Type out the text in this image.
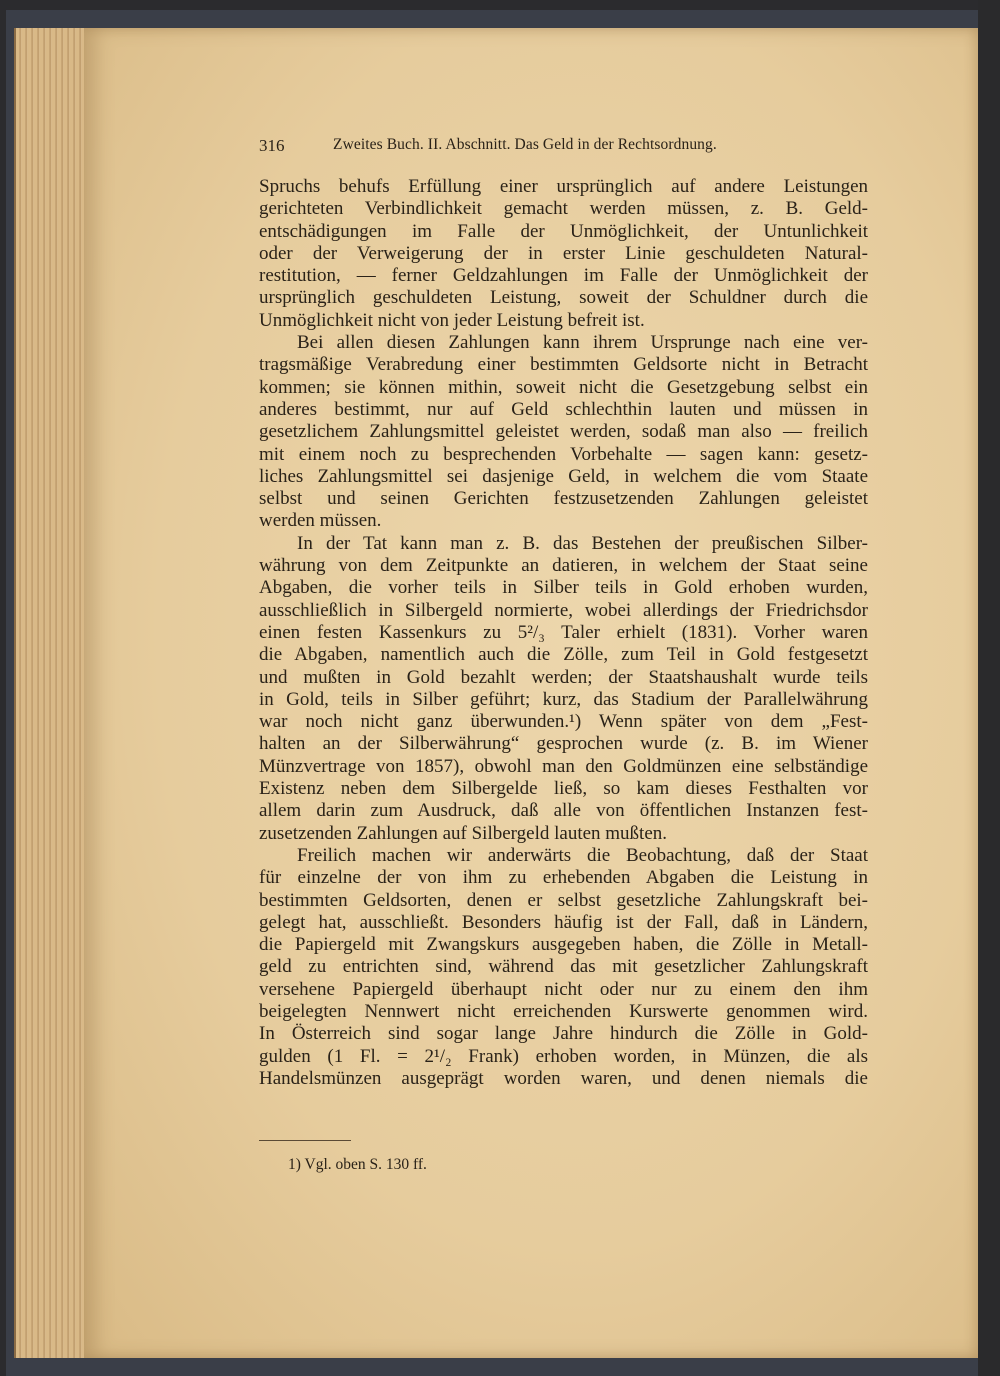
316	Zweites Buch. II. Abschnitt. Das Geld in der Rechtsordnung.
Spruchs behufs Erfüllung einer ursprünglich auf andere Leistungen
gerichteten Verbindlichkeit gemacht werden müssen, z. B. Geld-
entschädigungen im Falle der Unmöglichkeit, der Untunlichkeit
oder der Verweigerung der in erster Linie geschuldeten Natural-
restitution, — ferner Geldzahlungen im Falle der Unmöglichkeit der
ursprünglich geschuldeten Leistung, soweit der Schuldner durch die
Unmöglichkeit nicht von jeder Leistung befreit ist.
Bei allen diesen Zahlungen kann ihrem Ursprunge nach eine ver-
tragsmäßige Verabredung einer bestimmten Geldsorte nicht in Betracht
kommen; sie können mithin, soweit nicht die Gesetzgebung selbst ein
anderes bestimmt, nur auf Geld schlechthin lauten und müssen in
gesetzlichem Zahlungsmittel geleistet werden, sodaß man also — freilich
mit einem noch zu besprechenden Vorbehalte — sagen kann: gesetz-
liches Zahlungsmittel sei dasjenige Geld, in welchem die vom Staate
selbst und seinen Gerichten festzusetzenden Zahlungen geleistet
werden müssen.
In der Tat kann man z. B. das Bestehen der preußischen Silber-
währung von dem Zeitpunkte an datieren, in welchem der Staat seine
Abgaben, die vorher teils in Silber teils in Gold erhoben wurden,
ausschließlich in Silbergeld normierte, wobei allerdings der Friedrichsdor
einen festen Kassenkurs zu 5²/₃ Taler erhielt (1831). Vorher waren
die Abgaben, namentlich auch die Zölle, zum Teil in Gold festgesetzt
und mußten in Gold bezahlt werden; der Staatshaushalt wurde teils
in Gold, teils in Silber geführt; kurz, das Stadium der Parallelwährung
war noch nicht ganz überwunden.¹) Wenn später von dem „Fest-
halten an der Silberwährung“ gesprochen wurde (z. B. im Wiener
Münzvertrage von 1857), obwohl man den Goldmünzen eine selbständige
Existenz neben dem Silbergelde ließ, so kam dieses Festhalten vor
allem darin zum Ausdruck, daß alle von öffentlichen Instanzen fest-
zusetzenden Zahlungen auf Silbergeld lauten mußten.
Freilich machen wir anderwärts die Beobachtung, daß der Staat
für einzelne der von ihm zu erhebenden Abgaben die Leistung in
bestimmten Geldsorten, denen er selbst gesetzliche Zahlungskraft bei-
gelegt hat, ausschließt. Besonders häufig ist der Fall, daß in Ländern,
die Papiergeld mit Zwangskurs ausgegeben haben, die Zölle in Metall-
geld zu entrichten sind, während das mit gesetzlicher Zahlungskraft
versehene Papiergeld überhaupt nicht oder nur zu einem den ihm
beigelegten Nennwert nicht erreichenden Kurswerte genommen wird.
In Österreich sind sogar lange Jahre hindurch die Zölle in Gold-
gulden (1 Fl. = 2¹/₂ Frank) erhoben worden, in Münzen, die als
Handelsmünzen ausgeprägt worden waren, und denen niemals die
1) Vgl. oben S. 130 ff.
